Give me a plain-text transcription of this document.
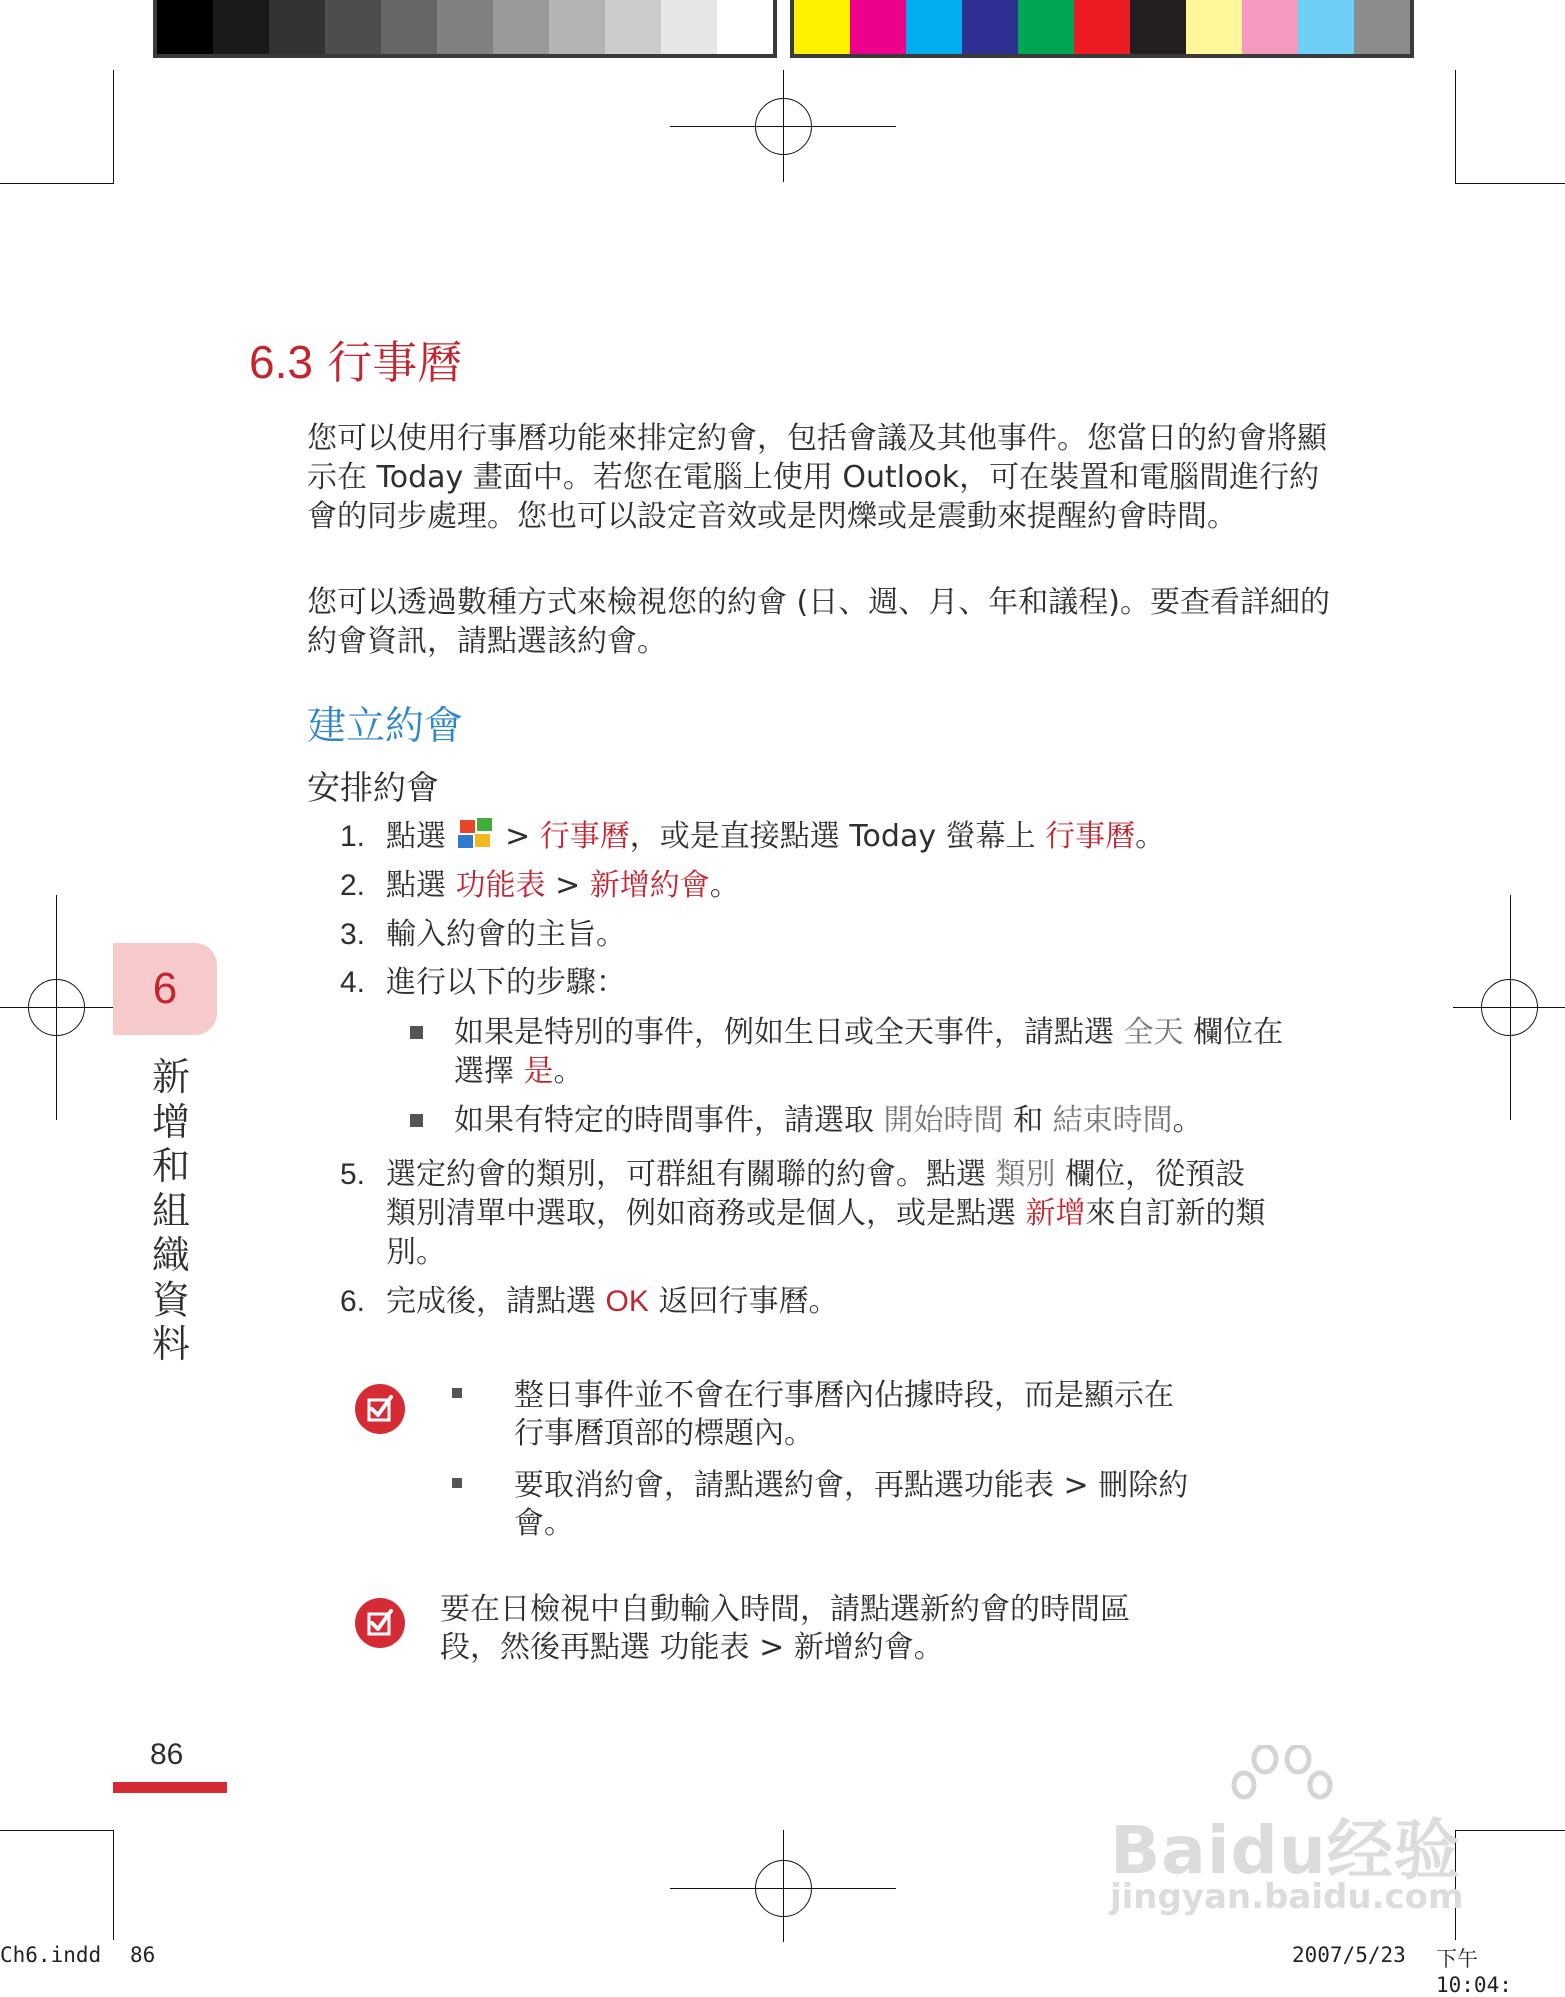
6.3 行事曆
您可以使用行事曆功能來排定約會，包括會議及其他事件。您當日的約會將顯示在 Today 畫面中。若您在電腦上使用 Outlook，可在裝置和電腦間進行約會的同步處理。您也可以設定音效或是閃爍或是震動來提醒約會時間。
您可以透過數種方式來檢視您的約會 (日、週、月、年和議程)。要查看詳細的約會資訊，請點選該約會。
建立約會
安排約會
1. 點選 > 行事曆，或是直接點選 Today 螢幕上 行事曆。
2. 點選 功能表 > 新增約會。
3. 輸入約會的主旨。
4. 進行以下的步驟：
如果是特別的事件，例如生日或全天事件，請點選 全天 欄位在
選擇 是。
如果有特定的時間事件，請選取 開始時間 和 結束時間。
5. 選定約會的類別，可群組有關聯的約會。點選 類別 欄位，從預設
類別清單中選取，例如商務或是個人，或是點選 新增來自訂新的類
別。
6. 完成後，請點選 OK 返回行事曆。
整日事件並不會在行事曆內佔據時段，而是顯示在
行事曆頂部的標題內。
要取消約會，請點選約會，再點選功能表 > 刪除約
會。
要在日檢視中自動輸入時間，請點選新約會的時間區
段，然後再點選 功能表 > 新增約會。
6
新
增
和
組
織
資
料
86
Baidu经验
jingyan.baidu.com
Ch6.indd 86	2007/5/23 下午 10:04:
